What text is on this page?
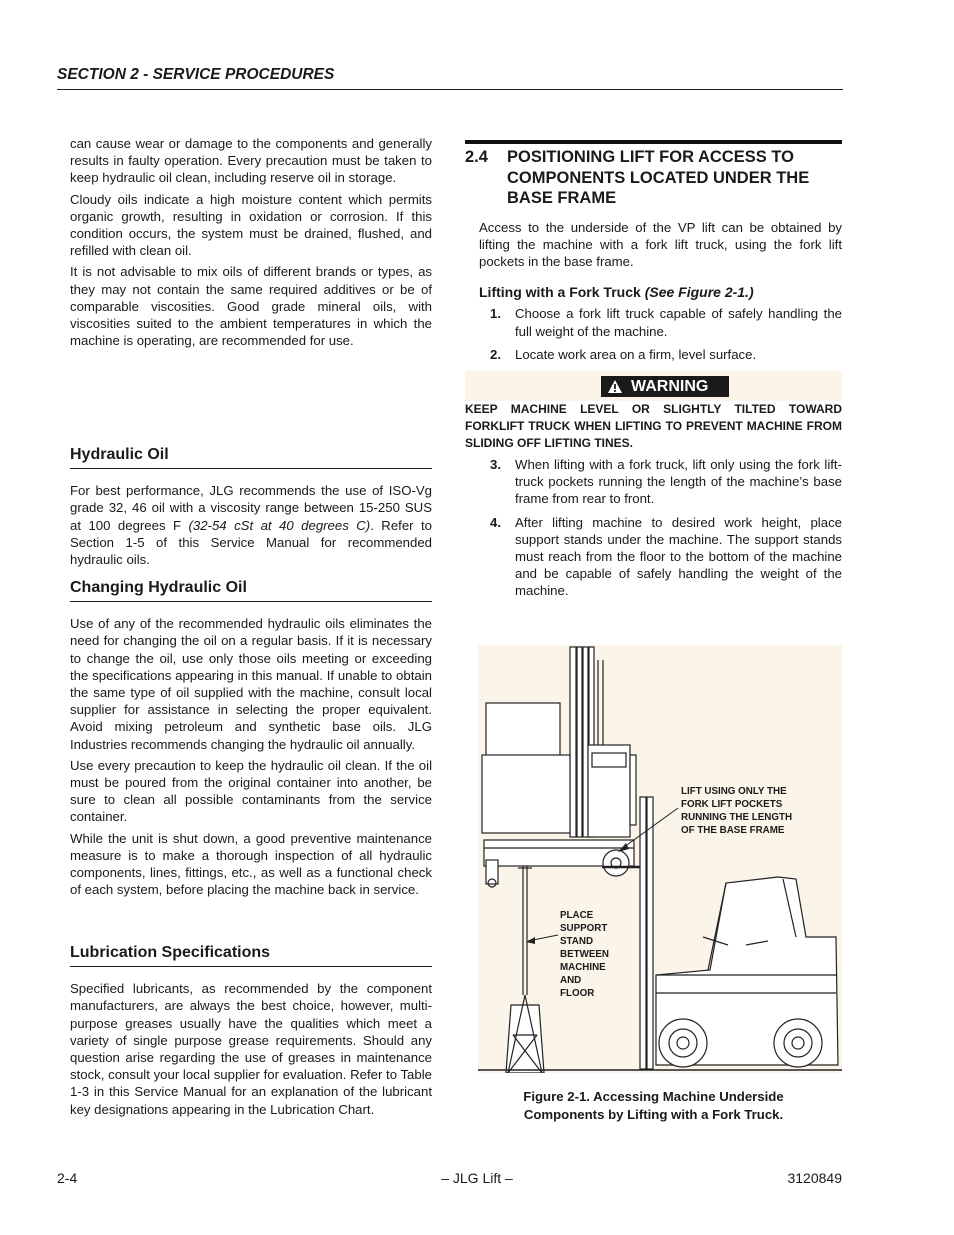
SECTION 2 - SERVICE PROCEDURES

can cause wear or damage to the components and generally results in faulty operation. Every precaution must be taken to keep hydraulic oil clean, including reserve oil in storage.

Cloudy oils indicate a high moisture content which permits organic growth, resulting in oxidation or corrosion. If this condition occurs, the system must be drained, flushed, and refilled with clean oil.

It is not advisable to mix oils of different brands or types, as they may not contain the same required additives or be of comparable viscosities. Good grade mineral oils, with viscosities suited to the ambient temperatures in which the machine is operating, are recommended for use.

Hydraulic Oil

For best performance, JLG recommends the use of ISO-Vg grade 32, 46 oil with a viscosity range between 15-250 SUS at 100 degrees F (32-54 cSt at 40 degrees C). Refer to Section 1-5 of this Service Manual for recommended hydraulic oils.

Changing Hydraulic Oil

Use of any of the recommended hydraulic oils eliminates the need for changing the oil on a regular basis. If it is necessary to change the oil, use only those oils meeting or exceeding the specifications appearing in this manual. If unable to obtain the same type of oil supplied with the machine, consult local supplier for assistance in selecting the proper equivalent. Avoid mixing petroleum and synthetic base oils. JLG Industries recommends changing the hydraulic oil annually.

Use every precaution to keep the hydraulic oil clean. If the oil must be poured from the original container into another, be sure to clean all possible contaminants from the service container.

While the unit is shut down, a good preventive maintenance measure is to make a thorough inspection of all hydraulic components, lines, fittings, etc., as well as a functional check of each system, before placing the machine back in service.

Lubrication Specifications

Specified lubricants, as recommended by the component manufacturers, are always the best choice, however, multi-purpose greases usually have the qualities which meet a variety of single purpose grease requirements. Should any question arise regarding the use of greases in maintenance stock, consult your local supplier for evaluation. Refer to Table 1-3 in this Service Manual for an explanation of the lubricant key designations appearing in the Lubrication Chart.

2.4	POSITIONING LIFT FOR ACCESS TO COMPONENTS LOCATED UNDER THE BASE FRAME

Access to the underside of the VP lift can be obtained by lifting the machine with a fork lift truck, using the fork lift pockets in the base frame.

Lifting with a Fork Truck (See Figure 2-1.)
1.	Choose a fork lift truck capable of safely handling the full weight of the machine.
2.	Locate work area on a firm, level surface.
WARNING

KEEP MACHINE LEVEL OR SLIGHTLY TILTED TOWARD FORKLIFT TRUCK WHEN LIFTING TO PREVENT MACHINE FROM SLIDING OFF LIFTING TINES.

3.	When lifting with a fork truck, lift only using the fork lift-truck pockets running the length of the machine’s base frame from rear to front.
4.	After lifting machine to desired work height, place support stands under the machine. The support stands must reach from the floor to the bottom of the machine and be capable of safely handling the weight of the machine.
LIFT USING ONLY THE
FORK LIFT POCKETS
RUNNING THE LENGTH
OF THE BASE FRAME
PLACE
SUPPORT
STAND
BETWEEN
MACHINE
AND
FLOOR
Figure 2-1. Accessing Machine Underside
Components by Lifting with a Fork Truck.
2-4	– JLG Lift –	3120849
